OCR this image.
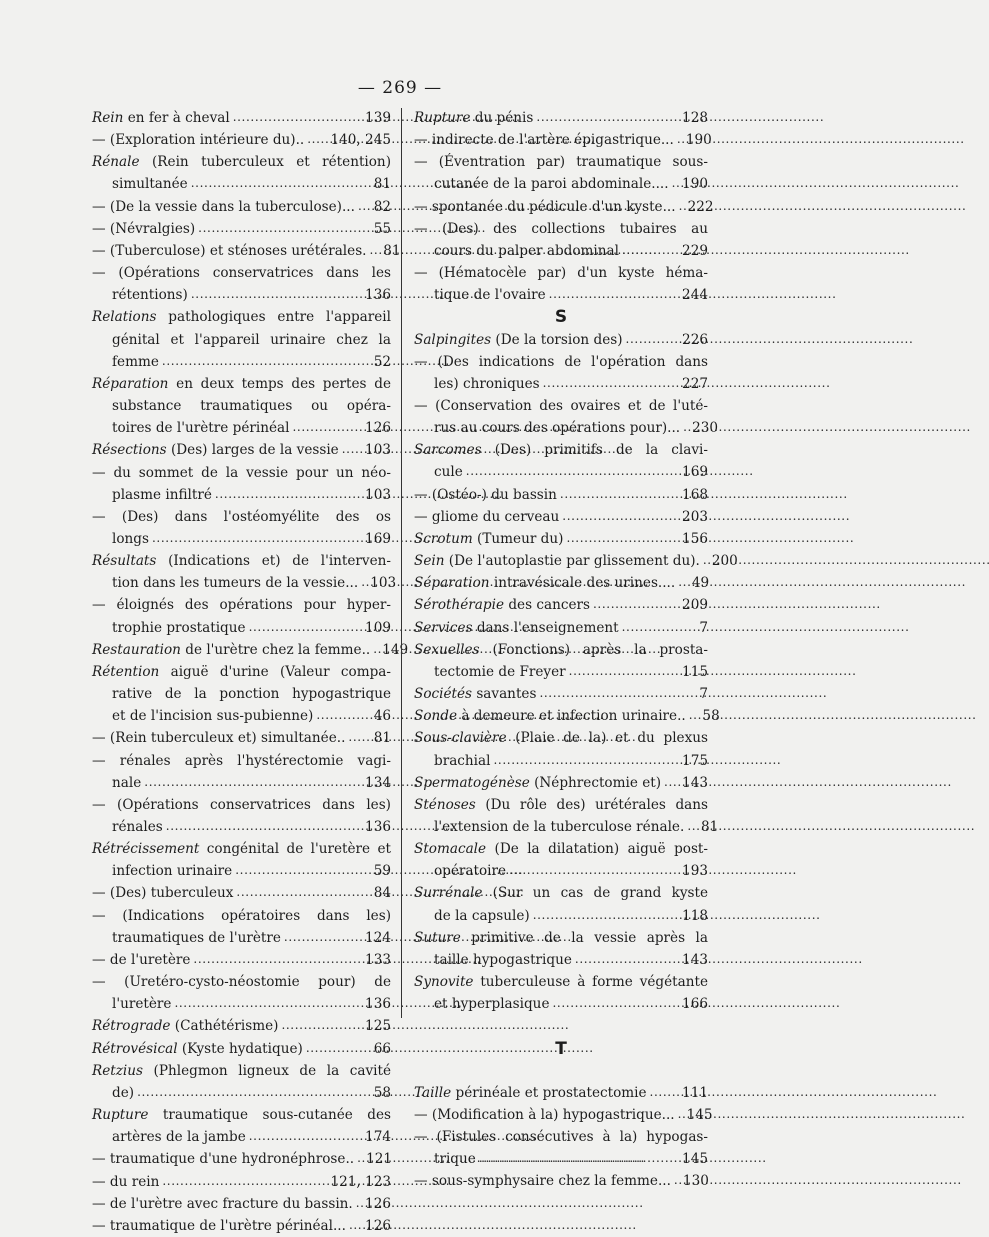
— 269 —
Rein en fer à cheval . . .	139
— (Exploration intérieure du).. . . . 140, 245
Rénale (Rein tuberculeux et rétention)
simultanée . . .	81
— (De la vessie dans la tuberculose)... . . .	82
— (Névralgies) . . .	55
— (Tuberculose) et sténoses urétérales. . . .	81
— (Opérations conservatrices dans les
rétentions) . . .	136
Relations pathologiques entre l'appareil
génital et l'appareil urinaire chez la
femme . . .	52
Réparation en deux temps des pertes de
substance traumatiques ou opéra-
toires de l'urètre périnéal . . .	126
Résections (Des) larges de la vessie . . . 103
— du sommet de la vessie pour un néo-
plasme infiltré . . .	103
— (Des) dans l'ostéomyélite des os
longs . . .	169
Résultats (Indications et) de l'interven-
tion dans les tumeurs de la vessie... . . . 103
— éloignés des opérations pour hyper-
trophie prostatique . . .	109
Restauration de l'urètre chez la femme.. . . . 149
Rétention aiguë d'urine (Valeur compa-
rative de la ponction hypogastrique
et de l'incision sus-pubienne) . . .	46
— (Rein tuberculeux et) simultanée.. . . .	81
— rénales après l'hystérectomie vagi-
nale . . .	134
— (Opérations conservatrices dans les)
rénales . . .	136
Rétrécissement congénital de l'uretère et
infection urinaire . . .	59
— (Des) tuberculeux . . .	84
— (Indications opératoires dans les)
traumatiques de l'urètre . . .	124
— de l'uretère . . .	133
— (Uretéro-cysto-néostomie pour) de
l'uretère . . .	136
Rétrograde (Cathétérisme) . . .	125
Rétrovésical (Kyste hydatique) . . .	66
Retzius (Phlegmon ligneux de la cavité
de) . . .	58
Rupture traumatique sous-cutanée des
artères de la jambe . . .	174
— traumatique d'une hydronéphrose.. . . . 121
— du rein . . .	121, 123
— de l'urètre avec fracture du bassin. . . . 126
— traumatique de l'urètre périnéal... . . . 126
Rupture du pénis . . .	128
— indirecte de l'artère épigastrique... . . . 190
— (Éventration par) traumatique sous-
cutanée de la paroi abdominale.... . . . 190
— spontanée du pédicule d'un kyste... . . . 222
— (Des) des collections tubaires au
cours du palper abdominal . . .	229
— (Hématocèle par) d'un kyste héma-
tique de l'ovaire . . .	244
S
Salpingites (De la torsion des) . . .	226
— (Des indications de l'opération dans
les) chroniques . . .	227
— (Conservation des ovaires et de l'uté-
rus au cours des opérations pour)... . . . 230
Sarcomes (Des) primitifs de la clavi-
cule . . .	169
— (Ostéo-) du bassin . . .	168
— gliome du cerveau . . .	203
Scrotum (Tumeur du) . . .	156
Sein (De l'autoplastie par glissement du). . . . 200
Séparation intravésicale des urines.... . . .	49
Sérothérapie des cancers . . .	209
Services dans l'enseignement . . .	7
Sexuelles (Fonctions) après la prosta-
tectomie de Freyer . . .	115
Sociétés savantes . . .	7
Sonde à demeure et infection urinaire.. . . .	58
Sous-clavière (Plaie de la) et du plexus
brachial . . .	175
Spermatogénèse (Néphrectomie et) . . . 143
Sténoses (Du rôle des) urétérales dans
l'extension de la tuberculose rénale. . . .	81
Stomacale (De la dilatation) aiguë post-
opératoire . . .	193
Surrénale (Sur un cas de grand kyste
de la capsule) . . .	118
Suture primitive de la vessie après la
taille hypogastrique . . .	143
Synovite tuberculeuse à forme végétante
et hyperplasique . . .	166
T
Taille périnéale et prostatectomie . . .	111
— (Modification à la) hypogastrique... . . . 145
— (Fistules consécutives à la) hypogas-
trique . . .	145
— sous-symphysaire chez la femme... . . . 130
